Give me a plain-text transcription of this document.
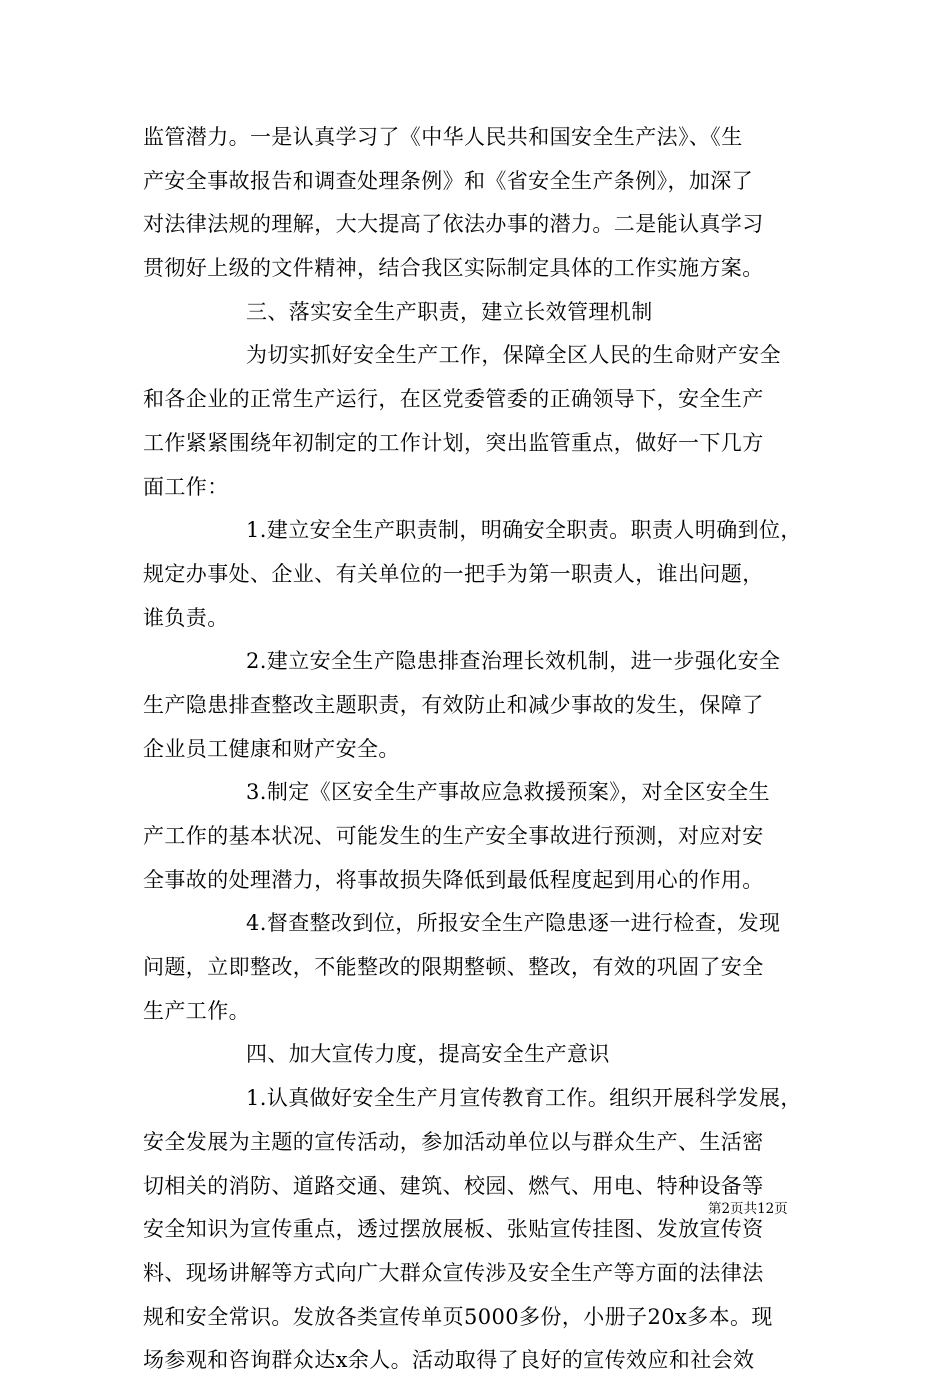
监管潜力。一是认真学习了《中华人民共和国安全生产法》、《生
产安全事故报告和调查处理条例》和《省安全生产条例》，加深了
对法律法规的理解，大大提高了依法办事的潜力。二是能认真学习
贯彻好上级的文件精神，结合我区实际制定具体的工作实施方案。
三、落实安全生产职责，建立长效管理机制
为切实抓好安全生产工作，保障全区人民的生命财产安全
和各企业的正常生产运行，在区党委管委的正确领导下，安全生产
工作紧紧围绕年初制定的工作计划，突出监管重点，做好一下几方
面工作：
1.建立安全生产职责制，明确安全职责。职责人明确到位，
规定办事处、企业、有关单位的一把手为第一职责人，谁出问题，
谁负责。
2.建立安全生产隐患排查治理长效机制，进一步强化安全
生产隐患排查整改主题职责，有效防止和减少事故的发生，保障了
企业员工健康和财产安全。
3.制定《区安全生产事故应急救援预案》，对全区安全生
产工作的基本状况、可能发生的生产安全事故进行预测，对应对安
全事故的处理潜力，将事故损失降低到最低程度起到用心的作用。
4.督查整改到位，所报安全生产隐患逐一进行检查，发现
问题，立即整改，不能整改的限期整顿、整改，有效的巩固了安全
生产工作。
四、加大宣传力度，提高安全生产意识
1.认真做好安全生产月宣传教育工作。组织开展科学发展，
安全发展为主题的宣传活动，参加活动单位以与群众生产、生活密
切相关的消防、道路交通、建筑、校园、燃气、用电、特种设备等
安全知识为宣传重点，透过摆放展板、张贴宣传挂图、发放宣传资
料、现场讲解等方式向广大群众宣传涉及安全生产等方面的法律法
规和安全常识。发放各类宣传单页5000多份，小册子20x多本。现
场参观和咨询群众达x余人。活动取得了良好的宣传效应和社会效
第2页共12页
